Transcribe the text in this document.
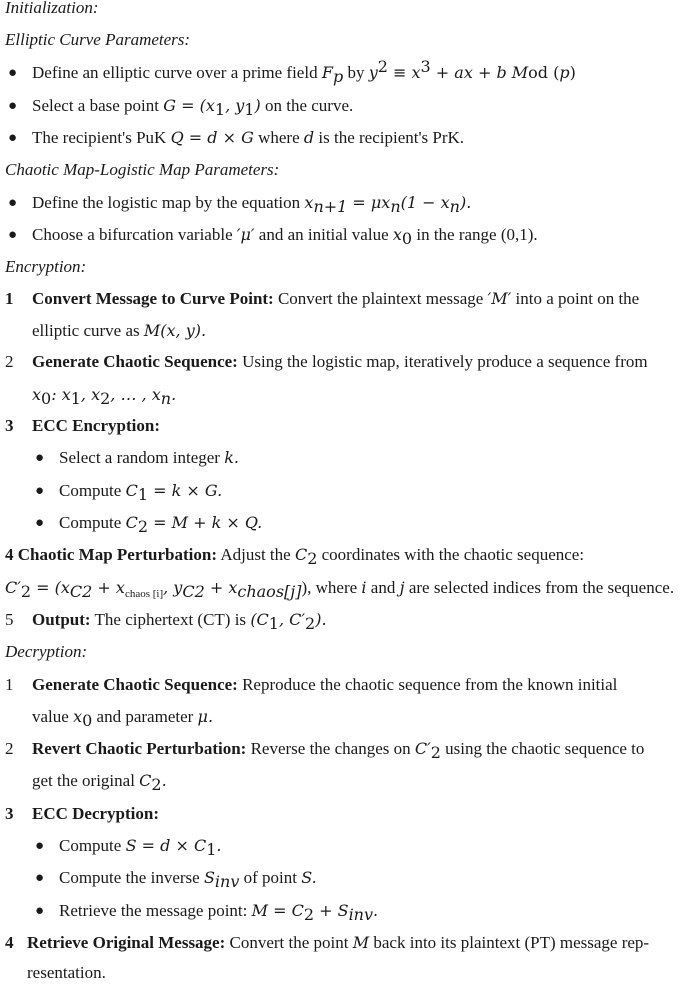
Initialization:
Elliptic Curve Parameters:
● Define an elliptic curve over a prime field $F_p$ by $y^2 \equiv x^3$ + ax + b Mod (p)
● Select a base point $G = (x_1$, $y_1$) on the curve.
● The recipient's PuK Q = d × G where d is the recipient's PrK.
Chaotic Map-Logistic Map Parameters:
● Define the logistic map by the equation $x_{n+1} = \mu x_n(1 - x_n)$.
● Choose a bifurcation variable ′μ′ and an initial value $x_0$ in the range (0,1).
Encryption:
1 Convert Message to Curve Point: Convert the plaintext message ′M′ into a point on the
elliptic curve as M(x, y).
2 Generate Chaotic Sequence: Using the logistic map, iteratively produce a sequence from
$x_0$: $x_1$, $x_2$, … , $x_n$.
3 ECC Encryption:
● Select a random integer k.
● Compute $C_1 = k \times G$.
● Compute $C_2 = M + k \times Q$.
4 Chaotic Map Perturbation: Adjust the $C_2$ coordinates with the chaotic sequence:
$C'_2 = (x_{C2} + x_{chaos [i]}$, $y_{C2} + x_{chaos[j]}$), where i and j are selected indices from the sequence.
5 Output: The ciphertext (CT) is ($C_1$, $C'_2$).
Decryption:
1 Generate Chaotic Sequence: Reproduce the chaotic sequence from the known initial
value $x_0$ and parameter μ.
2 Revert Chaotic Perturbation: Reverse the changes on $C'_2$ using the chaotic sequence to
get the original $C_2$.
3 ECC Decryption:
● Compute $S = d \times C_1$.
● Compute the inverse $S_{inv}$ of point S.
● Retrieve the message point: $M = C_2 + S_{inv}$.
4 Retrieve Original Message: Convert the point M back into its plaintext (PT) message rep-
resentation.
